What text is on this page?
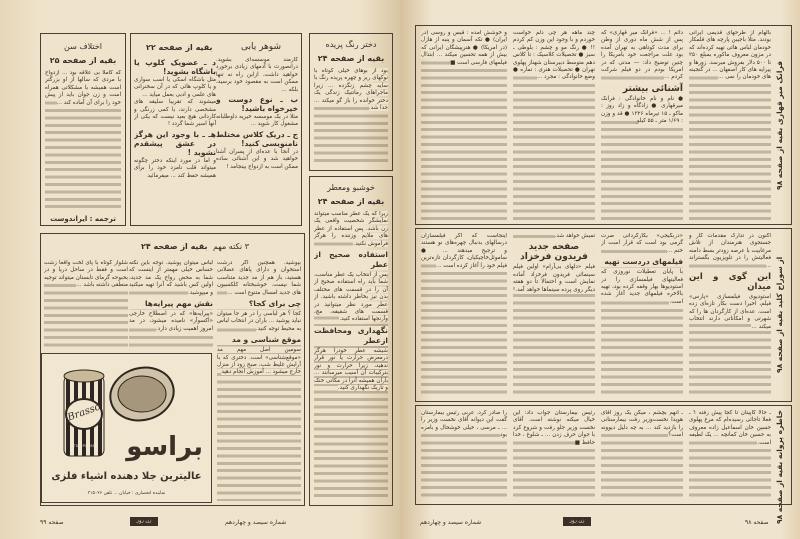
اختلاف سن
بقیه از صفحه ۲۵

که کاملا بی علاقه بود ... ازدواج با مردی که سالها از او بزرگتر است همیشه با مشکلاتی همراه است و زن جوان باید از پیش خود را برای آن آماده کند ...

ترجمه : ایراندوست
شوهر یابی
بقیه از صفحه ۲۲

کارمند موسسه‌ای بشوید. درانصورت با آدمهای زیادی برخورد خواهید داشت. ازاین راه نه تنها ممکن است به مقصود خود برسید، بلکه ...

ب ـ نوع دوست و خیرخواه باشید!

مثلا در یک موسسه خیریه داوطلبانه مشغول کار شوید ...

ج ـ دریک کلاس مختلط نامنویسی کنید!

در آنجا با عده‌ای از پسران آشنا خواهید شد و این آشنائی ساده ممکن است به ازدواج بینجامد !

د ـ عضویک کلوپ یا باشگاه بشوید!

مثل باشگاه اسکی یا اسب سواری و یا کلوپ هائی که در آن سخنرانی های علمی و ادبی بعمل میاید ...

میشوند که تقریبا سلیقه های مشخصی دارند، با کمی زرنگی و کاردانی هیچ بعید نیست که یکی از آنها اسیر شما گردد !

هـ ـ با وجود این هرگز در عشق پیشقدم نشوید !

و اما در مورد اینکه دختر چگونه میتواند قلب نامزد خود را برای همیشه حفظ کند ... میفرمائید

دختر رنگ پریده
بقیه از صفحه ۲۴

بود از بوهای خیلی کوتاه با نوکهای ریز و چهره پریده رنگ با سایه چشم زنگزده ... زیرا ماجراهای رمانتیک زندگی یک دختر خوانده را باز گو میکند ... جدا شد.

خوشبو ومعطر
بقیه از صفحه ۲۴

زیرا که یک عطر مناسب میتواند نمایشگر شخصیت واقعی یک زن باشد. پس استفاده از عطر های ملایم وزننده را هرگز فراموش نکنید.

استفاده صحیح از عطر

پس از انتخاب یک عطر مناسب، شما باید راه استفاده صحیح از آن را در قسمت های مختلف بدن نیز بخاطر داشته باشید. از عطر مورد نظر میتوانید در قسمت های شقیقه، مچ، وآرنجها استفاده کنید.

نگهداری ومحافظت ازعطر

شیشه عطر خودرا هرگز درمعرض حرارت یا نور قرار ندهید، زیرا حرارت و نور بترکیبات آن آسیب میرسانند ... باران همیشه آنرا در مکانی خنک و تاریک نگهداری کنید.

۳ نکته مهم
بقیه از صفحه ۲۴

بپوشید. همچنین اگر درشت استخوان و دارای پاهای عضلانی هستید، باز هم از مد جدید متناسب شما نیست. خوشبختانه کلکسیون های جدید امسال متنوع است ...

چی برای کجا؟

کجا ؟ هر لباسی را در هر جا میتوان نباید پوشید ... باران در انتخاب لباس به محیط توجه کنید.

موقع شناسی و مد

سومین اصل مهم مد «موقع‌شناسی» است. دختری که با آرایش غلیظ شب، صبح زود از منزل خارج میشود ... آموزش انجام دهید

لباس میتوان پوشید. توجه باین نکته حساس خیلی مهمتر از اینست که شما به محض رواج یک مد جدید، اولین کس باشید که آنرا تهیه میکنید و میپوشید.

نقش مهم پیرایه‌ها

«پیرایه‌ها» که در اصطلاح خارجی «اکسوآر» نامیده میشود، در مد امروز اهمیت زیادی دارد.

شلوار کوتاه با پای لخت واقعا زشت است و فقط در ساحل دریا و در بحبوحه گرمای تابستان میتواند توجیه منطقی داشته باشد ...

Brasso
METAL POLISH براسو
عالیترین جلا دهنده اشیاء فلزی
نماینده انحصاری : خیابان ... تلفن ۳۱۵۰۲۶
صفحه ۹۹	ﺯﻥ ﺭﻭﺯ	شماره سیصد و چهاردهم
فرانک میر قهاری بقیه از صفحه ۹۸

بالهام از طرحهای قدیمی ایرانی بودند. مثلا باجیبن پارچه های قلمکار خودمان لباس هائی تهیه کرده‌اند که در مزون معروف ماکوره بمبلغ ۲۵۰ تا ۵۰۰ دلار بفروش میرسد. زورها و پیرایه های کار اصفهان ... در گنجینه های خودمان را نمی ...

دائم ! ... «فرانک میر قهاری» که پس از شش ماه دوری از وطن برای مدت کوتاهی به تهران آمده بود علت مراجعت خود بامریکا را چنین توضیح داد: — مدتی که در امریکا بودم در دو فیلم شرکت کردم ...

آشنائی بیشتر

● نام و نام خانوادگی : فرانک میرقهاری ● زادگاه و زاد روز : ماکو ـ ۱۵ تیرماه ۱۳۲۶ ● قد و وزن : ۱/۶۹ متر ـ ۵۵ کیلو

چند ماهه هر چی دلم خواست خوردم و با وجود این وزن کم کردم !! ● رنگ مو و چشم : بلوطی ـ سبز ● تحصیلات کلاسیک : تا کلاس دهم متوسط دبیرستان شهناز پهلوی تهران ● تحصیلات هنری : تماره ● وضع خانوادگی : مجرد ...

و خوشش آمده : قیس و روسی (در ایران) ● تکه آسمان و پنبه از هازل (در امریکا) ● هنرپیشگان ایرانی که بیش از همه تحسین میکند ... ابتذال فیلمهای فارسی است ■

از سوراخ کلید بقیه از صفحه ۹۸

اکنون در تدارک مقدمات کار و جستجوی هنرمندان از تلاش مرغابیت با عرصه زودتر بسط دامنه فعالیتش را در تلویزیون بگستراند ...

این گوی و این میدان

استودیوی فیلمسازی «پارس» فیلم، اخیرا دست بکار تازه‌ای زده است. عده‌ای از کارگردان ها را که شهرتی و امکاناتی دارند انتخاب میکند ...

«دربگیجی» بکارگردانی صرت گرمی بود است که قرار است از ختم ...

فیلمهای دردست تهیه

با پایان تعطیلات نوروزی که فعالیتهای فیلمسازی را در استودیوها بهار وقفه کرده بود، تهیه بالاخره فیلمهای جدید آغاز شده است.

تمیش خواهد شد.

صفحه جدید فریدون فرخزاد

فیلم «دلهای بی‌آرام» اولین فیلم سینمائی فریدون فرخزاد آماده نمایش است و احتمالا تا دو هفته دیگر روی پرده سینماها خواهد آمد.

اینجاست که اگر فیلمسازان درسالهای بدنبال چهره‌های نو هستند و ترجیح میدهند ... ● ساموئل‌خاچیکیان، کارگردان تازه‌ترین فیلم خود را آغاز کرده است ...

خاطره پروانه بقیه از صفحه ۹۸

ـ حالا کاپیتان تا کجا پیش رفته ؟ ـ فعلا تاجائی رسیده‌ام که مرغ پهلوی حسین خان اسماعیل زاده معروف به حسین خان کمانچه ... یک لطیفه است.

ـ آنهم بچشم ، میگن یک روز آقای هویدا نخست‌وزیر رفت بیمارستانی را بازدید کند ... به چه دلیل دیوونه است؟

رئیس بیمارستان جواب داد: این خیال میکنه نوشته است. آقای نخست وزیر جلو رفت و شروع کرد با جوان حرف زدن ... ـ شلوغ ، خدا حافظ ■

را صادر کرد. عربی رئیس بیمارستان گفت این دیوانه آقای نخست وزیر را ... ـ مرسی ، خیلی خوشحال و بامزه بود

شماره سیصد و چهاردهم	ﺯﻥ ﺭﻭﺯ	صفحه ۹۸
